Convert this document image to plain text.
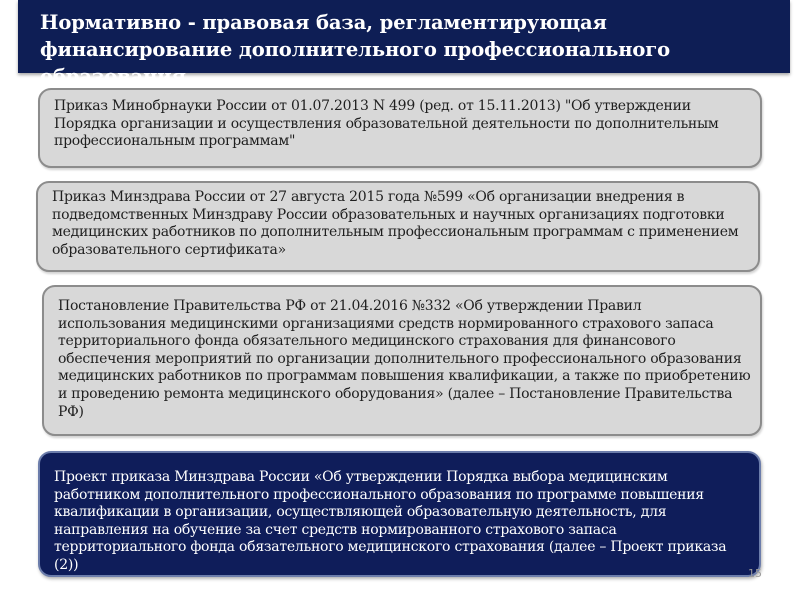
Нормативно - правовая база, регламентирующая финансирование дополнительного профессионального образования
Приказ Минобрнауки России от 01.07.2013 N 499 (ред. от 15.11.2013) "Об утверждении Порядка организации и осуществления образовательной деятельности по дополнительным профессиональным программам"
Приказ Минздрава России от 27 августа 2015 года №599 «Об организации внедрения в подведомственных Минздраву России образовательных и научных организациях подготовки медицинских работников по дополнительным профессиональным программам с применением образовательного сертификата»
Постановление Правительства РФ от 21.04.2016 №332 «Об утверждении Правил использования медицинскими организациями средств нормированного страхового запаса территориального фонда обязательного медицинского страхования для финансового обеспечения мероприятий по организации дополнительного профессионального образования медицинских работников по программам повышения квалификации, а также по приобретению и проведению ремонта медицинского оборудования» (далее – Постановление Правительства РФ)
Проект приказа Минздрава России «Об утверждении Порядка выбора медицинским работником дополнительного профессионального образования по программе повышения квалификации в организации, осуществляющей образовательную деятельность, для направления на обучение за счет средств нормированного страхового запаса территориального фонда обязательного медицинского страхования (далее – Проект приказа (2))
15
